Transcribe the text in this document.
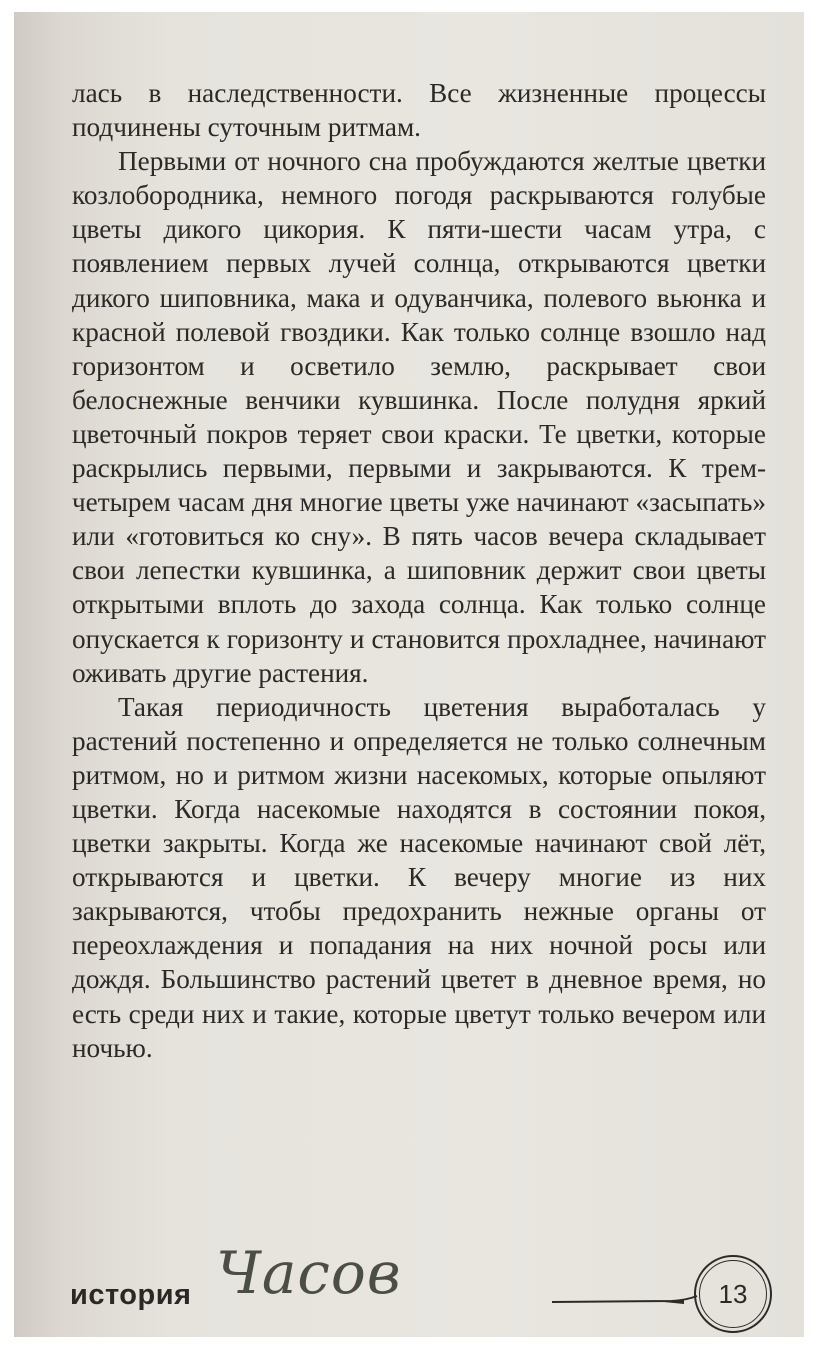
лась в наследственности. Все жизненные процессы подчинены суточным ритмам.

Первыми от ночного сна пробуждаются желтые цветки козлобородника, немного погодя раскрываются голубые цветы дикого цикория. К пяти-шести часам утра, с появлением первых лучей солнца, открываются цветки дикого шиповника, мака и одуванчика, полевого вьюнка и красной полевой гвоздики. Как только солнце взошло над горизонтом и осветило землю, раскрывает свои белоснежные венчики кувшинка. После полудня яркий цветочный покров теряет свои краски. Те цветки, которые раскрылись первыми, первыми и закрываются. К трем-четырем часам дня многие цветы уже начинают «засыпать» или «готовиться ко сну». В пять часов вечера складывает свои лепестки кувшинка, а шиповник держит свои цветы открытыми вплоть до захода солнца. Как только солнце опускается к горизонту и становится прохладнее, начинают оживать другие растения.

Такая периодичность цветения выработалась у растений постепенно и определяется не только солнечным ритмом, но и ритмом жизни насекомых, которые опыляют цветки. Когда насекомые находятся в состоянии покоя, цветки закрыты. Когда же насекомые начинают свой лёт, открываются и цветки. К вечеру многие из них закрываются, чтобы предохранить нежные органы от переохлаждения и попадания на них ночной росы или дождя. Большинство растений цветет в дневное время, но есть среди них и такие, которые цветут только вечером или ночью.

история Часов	13
